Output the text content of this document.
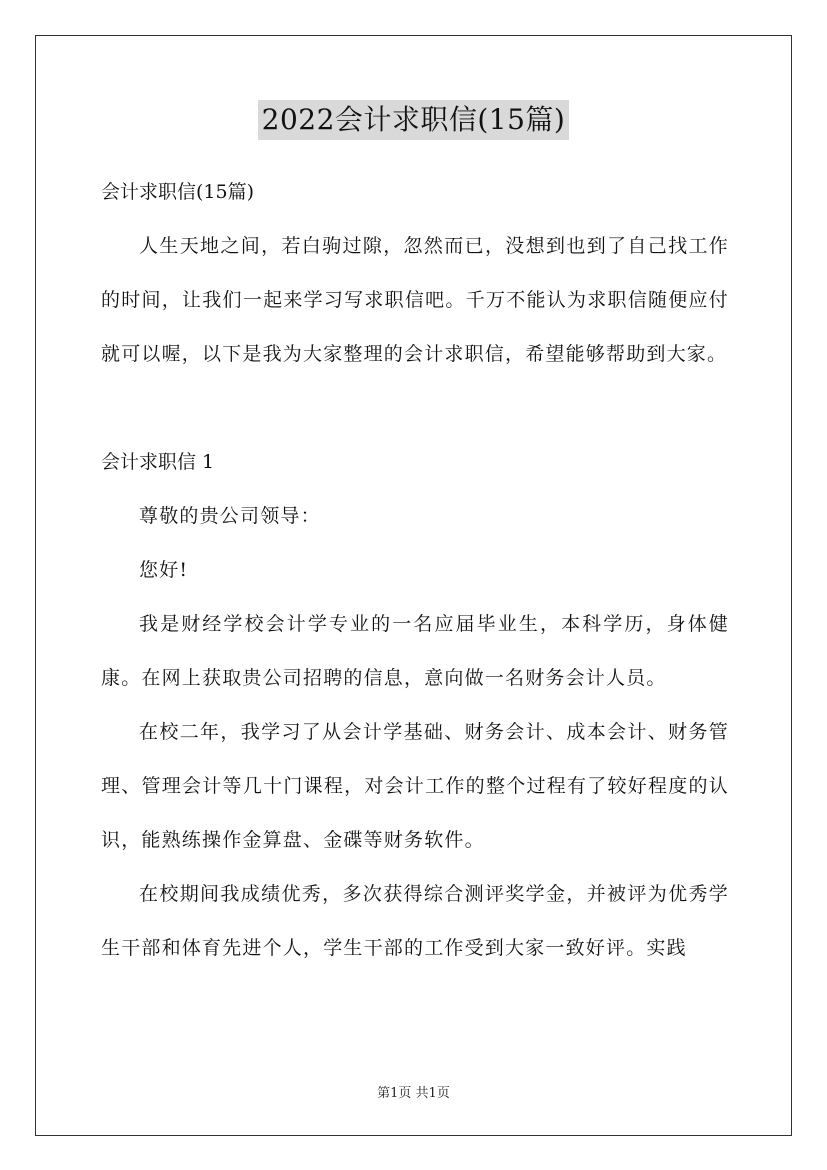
2022会计求职信(15篇)

会计求职信(15篇)

人生天地之间，若白驹过隙，忽然而已，没想到也到了自己找工作的时间，让我们一起来学习写求职信吧。千万不能认为求职信随便应付就可以喔，以下是我为大家整理的会计求职信，希望能够帮助到大家。

会计求职信 1

尊敬的贵公司领导：

您好!

我是财经学校会计学专业的一名应届毕业生，本科学历，身体健康。在网上获取贵公司招聘的信息，意向做一名财务会计人员。

在校二年，我学习了从会计学基础、财务会计、成本会计、财务管理、管理会计等几十门课程，对会计工作的整个过程有了较好程度的认识，能熟练操作金算盘、金碟等财务软件。

在校期间我成绩优秀，多次获得综合测评奖学金，并被评为优秀学生干部和体育先进个人，学生干部的工作受到大家一致好评。实践

第1页 共1页
